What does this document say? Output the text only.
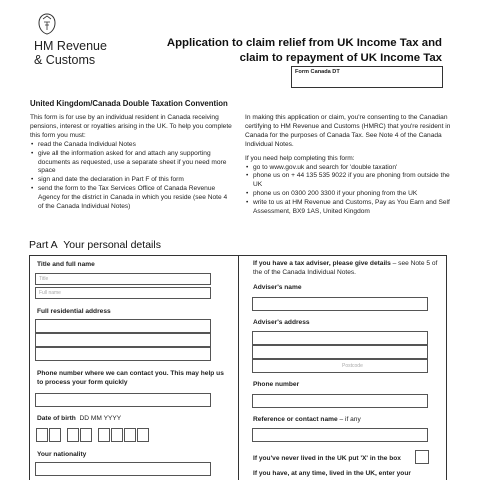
HM Revenue
& Customs
Application to claim relief from UK Income Tax and
claim to repayment of UK Income Tax
Form Canada DT
United Kingdom/Canada Double Taxation Convention

This form is for use by an individual resident in Canada receiving pensions, interest or royalties arising in the UK. To help you complete this form you must:

• read the Canada Individual Notes
• give all the information asked for and attach any supporting documents as requested, use a separate sheet if you need more space
• sign and date the declaration in Part F of this form
• send the form to the Tax Services Office of Canada Revenue Agency for the district in Canada in which you reside (see Note 4 of the Canada Individual Notes)

In making this application or claim, you're consenting to the Canadian certifying to HM Revenue and Customs (HMRC) that you're resident in Canada for the purposes of Canada Tax. See Note 4 of the Canada Individual Notes.

If you need help completing this form:

• go to www.gov.uk and search for 'double taxation'
• phone us on + 44 135 535 9022 if you are phoning from outside the UK
• phone us on 0300 200 3300 if your phoning from the UK
• write to us at HM Revenue and Customs, Pay as You Earn and Self Assessment, BX9 1AS, United Kingdom
Part A Your personal details
Title and full name
Title
Full name
Full residential address
Phone number where we can contact you. This may help us to process your form quickly
Date of birth DD MM YYYY
Your nationality
If you have a tax adviser, please give details – see Note 5 of the of the Canada Individual Notes.
Adviser's name
Adviser's address
Postcode
Phone number
Reference or contact name – if any
If you've never lived in the UK put 'X' in the box
If you have, at any time, lived in the UK, enter your
